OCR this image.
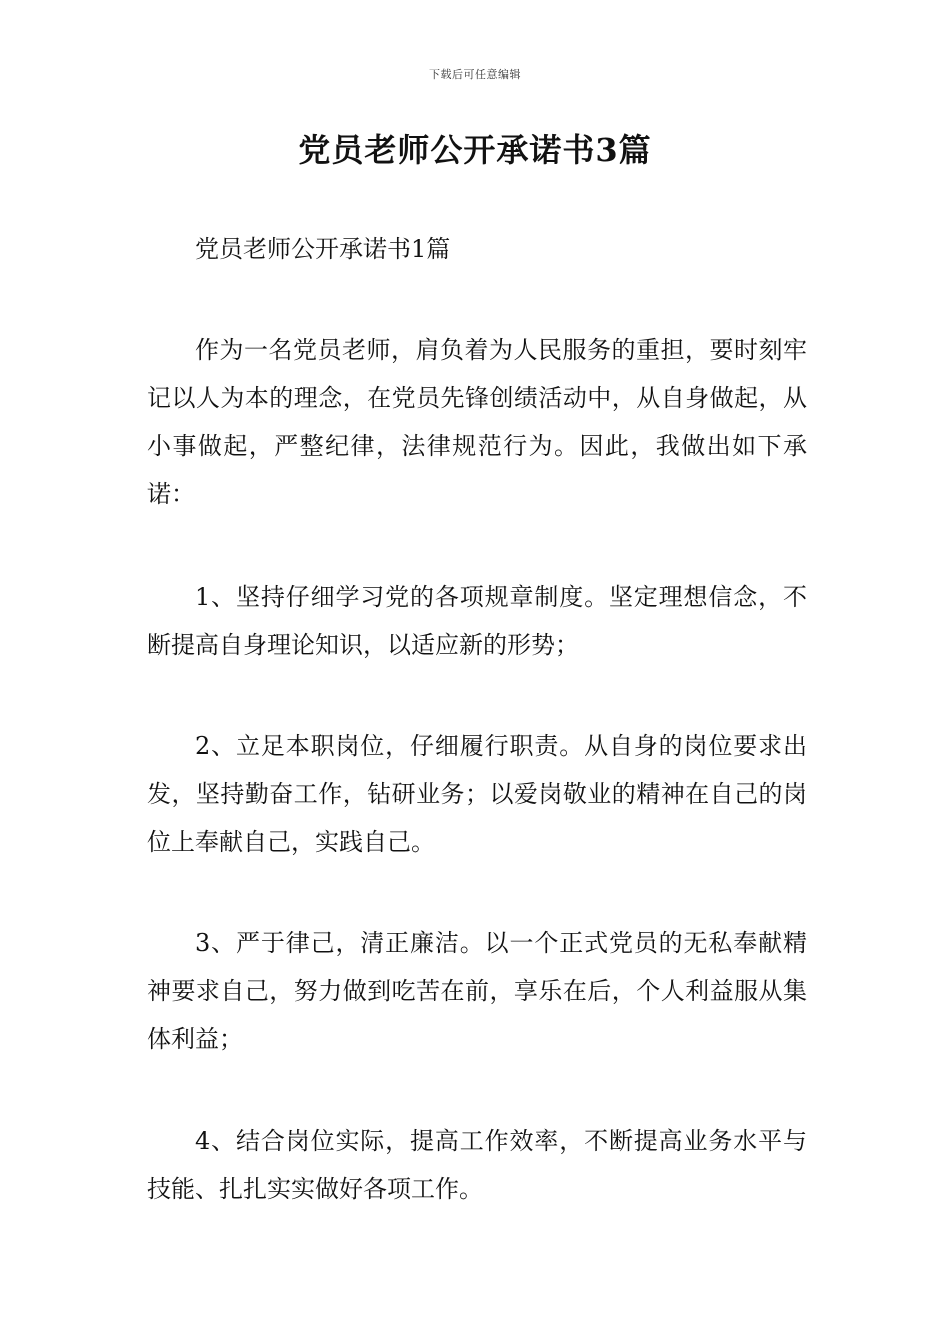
下载后可任意编辑
党员老师公开承诺书3篇

党员老师公开承诺书1篇

作为一名党员老师，肩负着为人民服务的重担，要时刻牢记以人为本的理念，在党员先锋创绩活动中，从自身做起，从小事做起，严整纪律，法律规范行为。因此，我做出如下承诺：

1、坚持仔细学习党的各项规章制度。坚定理想信念，不断提高自身理论知识，以适应新的形势；

2、立足本职岗位，仔细履行职责。从自身的岗位要求出发，坚持勤奋工作，钻研业务；以爱岗敬业的精神在自己的岗位上奉献自己，实践自己。

3、严于律己，清正廉洁。以一个正式党员的无私奉献精神要求自己，努力做到吃苦在前，享乐在后，个人利益服从集体利益；

4、结合岗位实际，提高工作效率，不断提高业务水平与技能、扎扎实实做好各项工作。
